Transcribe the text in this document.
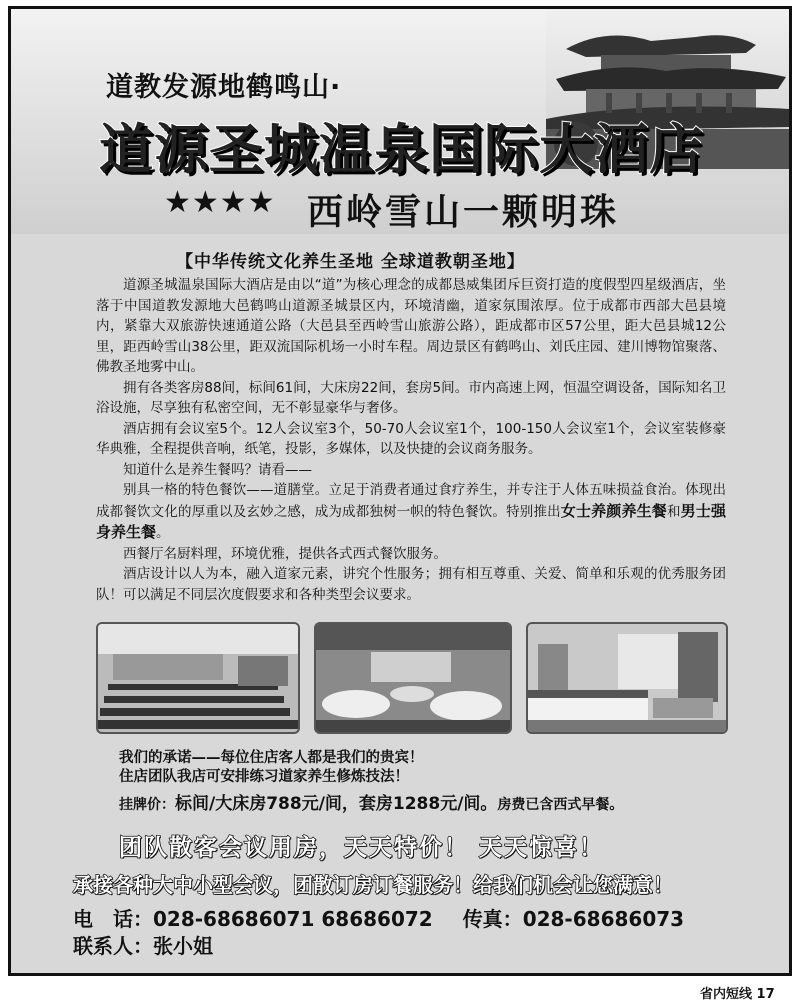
道教发源地鹤鸣山·
道源圣城温泉国际大酒店
★★★★ 西岭雪山一颗明珠
【中华传统文化养生圣地 全球道教朝圣地】

道源圣城温泉国际大酒店是由以“道”为核心理念的成都恳威集团斥巨资打造的度假型四星级酒店，坐落于中国道教发源地大邑鹤鸣山道源圣城景区内，环境清幽，道家氛围浓厚。位于成都市西部大邑县境内，紧靠大双旅游快速通道公路（大邑县至西岭雪山旅游公路），距成都市区57公里，距大邑县城12公里，距西岭雪山38公里，距双流国际机场一小时车程。周边景区有鹤鸣山、刘氏庄园、建川博物馆聚落、佛教圣地雾中山。

拥有各类客房88间，标间61间，大床房22间，套房5间。市内高速上网，恒温空调设备，国际知名卫浴设施，尽享独有私密空间，无不彰显豪华与奢侈。

酒店拥有会议室5个。12人会议室3个，50-70人会议室1个，100-150人会议室1个，会议室装修豪华典雅，全程提供音响，纸笔，投影，多媒体，以及快捷的会议商务服务。

知道什么是养生餐吗？请看——

别具一格的特色餐饮——道膳堂。立足于消费者通过食疗养生，并专注于人体五味损益食治。体现出成都餐饮文化的厚重以及玄妙之感，成为成都独树一帜的特色餐饮。特别推出女士养颜养生餐和男士强身养生餐。

西餐厅名厨料理，环境优雅，提供各式西式餐饮服务。

酒店设计以人为本，融入道家元素，讲究个性服务；拥有相互尊重、关爱、简单和乐观的优秀服务团队！可以满足不同层次度假要求和各种类型会议要求。

我们的承诺——每位住店客人都是我们的贵宾！
住店团队我店可安排练习道家养生修炼技法！
挂牌价：标间/大床房788元/间，套房1288元/间。房费已含西式早餐。
团队散客会议用房，天天特价！ 天天惊喜！
承接各种大中小型会议，团散订房订餐服务！给我们机会让您满意！
电　话：028-68686071 68686072 传真：028-68686073
联系人：张小姐
省内短线 17
